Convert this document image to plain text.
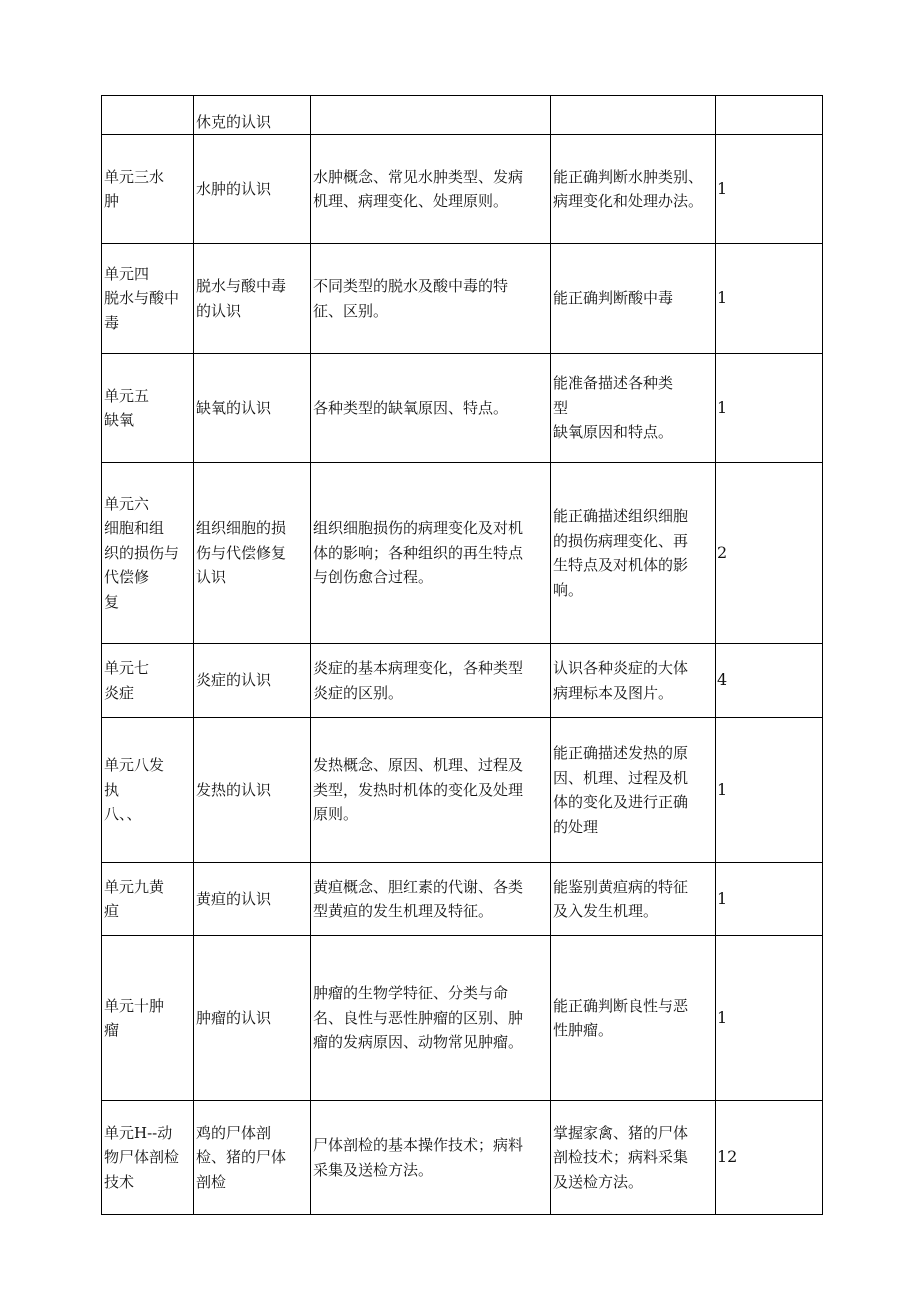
	休克的认识			

单元三水
肿	水肿的认识	水肿概念、常见水肿类型、发病
机理、病理变化、处理原则。	能正确判断水肿类别、
病理变化和处理办法。	1

单元四
脱水与酸中
毒	脱水与酸中毒
的认识	不同类型的脱水及酸中毒的特
征、区别。	能正确判断酸中毒	1

单元五
缺氧	缺氧的认识	各种类型的缺氧原因、特点。	能准备描述各种类
型
缺氧原因和特点。	1

单元六
细胞和组
织的损伤与
代偿修
复	组织细胞的损
伤与代偿修复
认识	组织细胞损伤的病理变化及对机
体的影响；各种组织的再生特点
与创伤愈合过程。	能正确描述组织细胞
的损伤病理变化、再
生特点及对机体的影
响。	2

单元七
炎症	炎症的认识	炎症的基本病理变化，各种类型
炎症的区别。	认识各种炎症的大体
病理标本及图片。	4

单元八发
执
八、、	发热的认识	发热概念、原因、机理、过程及
类型，发热时机体的变化及处理
原则。	能正确描述发热的原
因、机理、过程及机
体的变化及进行正确
的处理	1

单元九黄
疸	黄疸的认识	黄疸概念、胆红素的代谢、各类
型黄疸的发生机理及特征。	能鉴别黄疸病的特征
及入发生机理。	1

单元十肿
瘤	肿瘤的认识	肿瘤的生物学特征、分类与命
名、良性与恶性肿瘤的区别、肿
瘤的发病原因、动物常见肿瘤。	能正确判断良性与恶
性肿瘤。	1

单元H--动
物尸体剖检
技术	鸡的尸体剖
检、猪的尸体
剖检	尸体剖检的基本操作技术；病料
采集及送检方法。	掌握家禽、猪的尸体
剖检技术；病料采集
及送检方法。	12
